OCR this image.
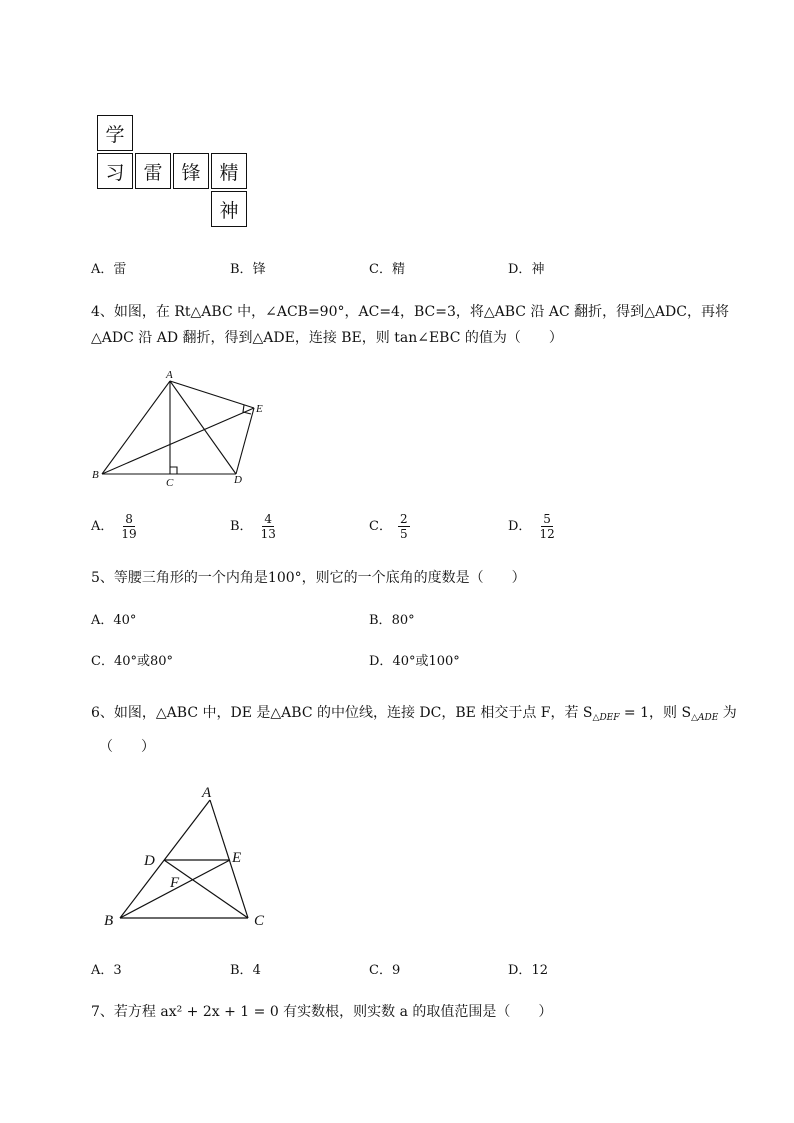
学
习 雷 锋 精
神
A．雷	B．锋	C．精	D．神
4、如图，在 Rt△ABC 中，∠ACB=90°，AC=4，BC=3，将△ABC 沿 AC 翻折，得到△ADC，再将
△ADC 沿 AD 翻折，得到△ADE，连接 BE，则 tan∠EBC 的值为（　　）
A
B
C	D
E
A． $\frac{8}{19}$	B． $\frac{4}{13}$	C． $\frac{2}{5}$	D． $\frac{5}{12}$
5、等腰三角形的一个内角是100°，则它的一个底角的度数是（　　）
A．40°	B．80°
C．40°或80°	D．40°或100°
6、如图，△ABC 中，DE 是△ABC 的中位线，连接 DC，BE 相交于点 F，若 $S_{\triangle DEF} = 1$，则 $S_{\triangle ADE}$ 为
（　　）
A
B	C
D	E
F
A．3	B．4	C．9	D．12
7、若方程 ax² + 2x + 1 = 0 有实数根，则实数 a 的取值范围是（　　）
